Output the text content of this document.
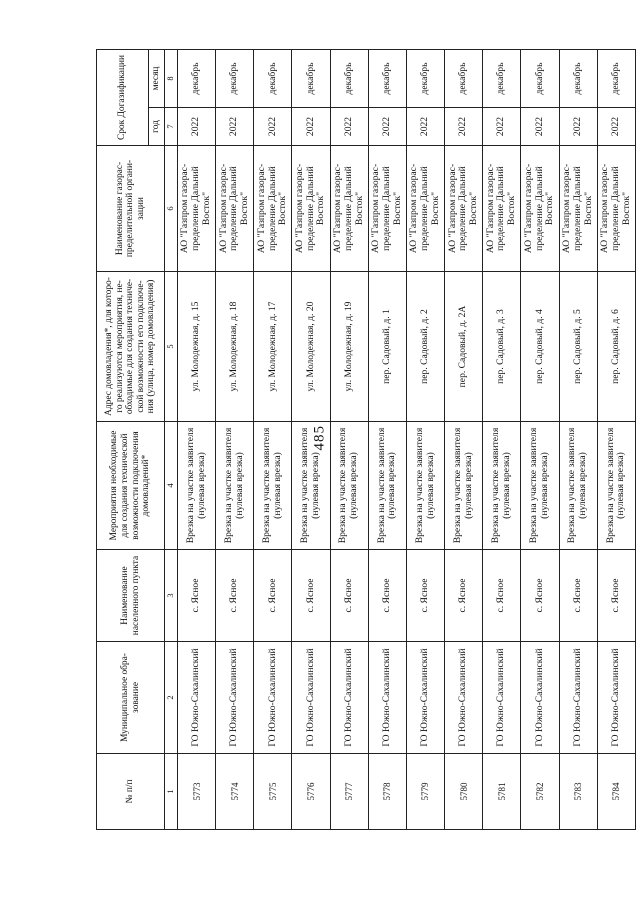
485
№ п/п	Муниципальное обра-зование	Наименование населенного пункта	Мероприятия необходимые для создания технической возможности подключения домовладений*	Адрес домовладения*, для которо-го реализуются мероприятия, не-обходимые для создания техниче-ской возможности его подключе-ния (улица, номер домовладения)	Наименование газорас-пределительной органи-зации	Срок Догазификации	
						год	месяц
1	2	3	4	5	6	7	8
5773	ГО Южно-Сахалинский	с. Ясное	Врезка на участке заявителя (нулевая врезка)	ул. Молодежная, д. 15	АО "Газпром газорас-пределение Дальний Восток"	2022	декабрь
5774	ГО Южно-Сахалинский	с. Ясное	Врезка на участке заявителя (нулевая врезка)	ул. Молодежная, д. 18	АО "Газпром газорас-пределение Дальний Восток"	2022	декабрь
5775	ГО Южно-Сахалинский	с. Ясное	Врезка на участке заявителя (нулевая врезка)	ул. Молодежная, д. 17	АО "Газпром газорас-пределение Дальний Восток"	2022	декабрь
5776	ГО Южно-Сахалинский	с. Ясное	Врезка на участке заявителя (нулевая врезка)	ул. Молодежная, д. 20	АО "Газпром газорас-пределение Дальний Восток"	2022	декабрь
5777	ГО Южно-Сахалинский	с. Ясное	Врезка на участке заявителя (нулевая врезка)	ул. Молодежная, д. 19	АО "Газпром газорас-пределение Дальний Восток"	2022	декабрь
5778	ГО Южно-Сахалинский	с. Ясное	Врезка на участке заявителя (нулевая врезка)	пер. Садовый, д. 1	АО "Газпром газорас-пределение Дальний Восток"	2022	декабрь
5779	ГО Южно-Сахалинский	с. Ясное	Врезка на участке заявителя (нулевая врезка)	пер. Садовый, д. 2	АО "Газпром газорас-пределение Дальний Восток"	2022	декабрь
5780	ГО Южно-Сахалинский	с. Ясное	Врезка на участке заявителя (нулевая врезка)	пер. Садовый, д. 2А	АО "Газпром газорас-пределение Дальний Восток"	2022	декабрь
5781	ГО Южно-Сахалинский	с. Ясное	Врезка на участке заявителя (нулевая врезка)	пер. Садовый, д. 3	АО "Газпром газорас-пределение Дальний Восток"	2022	декабрь
5782	ГО Южно-Сахалинский	с. Ясное	Врезка на участке заявителя (нулевая врезка)	пер. Садовый, д. 4	АО "Газпром газорас-пределение Дальний Восток"	2022	декабрь
5783	ГО Южно-Сахалинский	с. Ясное	Врезка на участке заявителя (нулевая врезка)	пер. Садовый, д. 5	АО "Газпром газорас-пределение Дальний Восток"	2022	декабрь
5784	ГО Южно-Сахалинский	с. Ясное	Врезка на участке заявителя (нулевая врезка)	пер. Садовый, д. 6	АО "Газпром газорас-пределение Дальний Восток"	2022	декабрь
